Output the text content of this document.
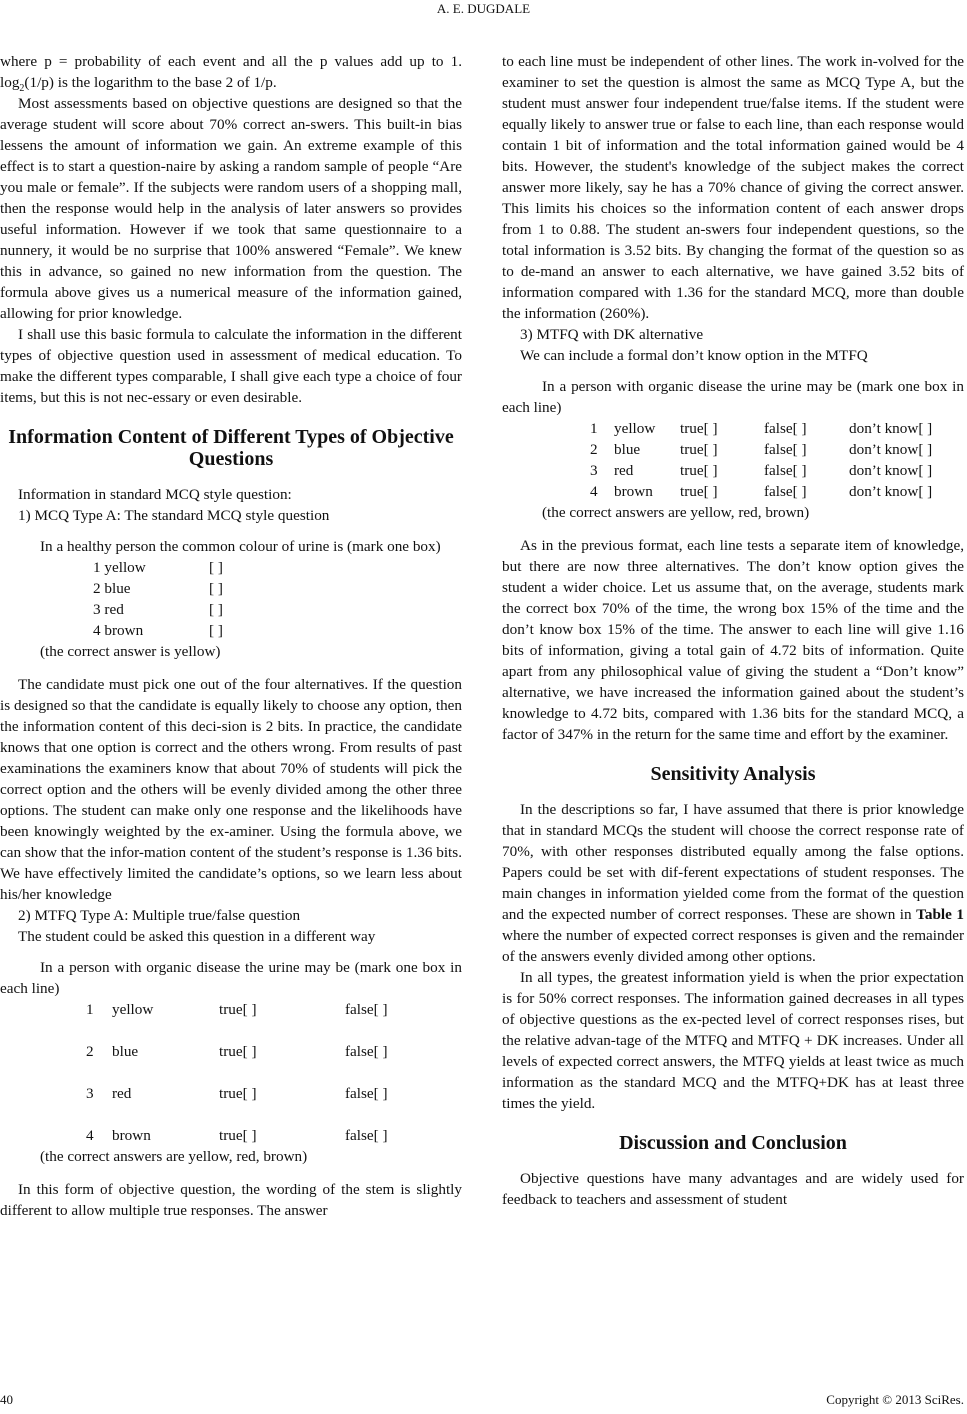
A. E. DUGDALE

where p = probability of each event and all the p values add up to 1. $\log_2(1/p)$ is the logarithm to the base 2 of 1/p.

Most assessments based on objective questions are designed so that the average student will score about 70% correct an-swers. This built-in bias lessens the amount of information we gain. An extreme example of this effect is to start a question-naire by asking a random sample of people “Are you male or female”. If the subjects were random users of a shopping mall, then the response would help in the analysis of later answers so provides useful information. However if we took that same questionnaire to a nunnery, it would be no surprise that 100% answered “Female”. We knew this in advance, so gained no new information from the question. The formula above gives us a numerical measure of the information gained, allowing for prior knowledge.

I shall use this basic formula to calculate the information in the different types of objective question used in assessment of medical education. To make the different types comparable, I shall give each type a choice of four items, but this is not nec-essary or even desirable.

Information Content of Different Types of Objective Questions

Information in standard MCQ style question:

1) MCQ Type A: The standard MCQ style question

In a healthy person the common colour of urine is (mark one box)

1 yellow	[ ]
2 blue	[ ]
3 red	[ ]
4 brown	[ ]

(the correct answer is yellow)

The candidate must pick one out of the four alternatives. If the question is designed so that the candidate is equally likely to choose any option, then the information content of this deci-sion is 2 bits. In practice, the candidate knows that one option is correct and the others wrong. From results of past examinations the examiners know that about 70% of students will pick the correct option and the others will be evenly divided among the other three options. The student can make only one response and the likelihoods have been knowingly weighted by the ex-aminer. Using the formula above, we can show that the infor-mation content of the student’s response is 1.36 bits. We have effectively limited the candidate’s options, so we learn less about his/her knowledge

2) MTFQ Type A: Multiple true/false question

The student could be asked this question in a different way

In a person with organic disease the urine may be (mark one box in each line)

1	yellow	true[ ]	false[ ]
2	blue	true[ ]	false[ ]
3	red	true[ ]	false[ ]
4	brown	true[ ]	false[ ]

(the correct answers are yellow, red, brown)

In this form of objective question, the wording of the stem is slightly different to allow multiple true responses. The answer

to each line must be independent of other lines. The work in-volved for the examiner to set the question is almost the same as MCQ Type A, but the student must answer four independent true/false items. If the student were equally likely to answer true or false to each line, than each response would contain 1 bit of information and the total information gained would be 4 bits. However, the student's knowledge of the subject makes the correct answer more likely, say he has a 70% chance of giving the correct answer. This limits his choices so the information content of each answer drops from 1 to 0.88. The student an-swers four independent questions, so the total information is 3.52 bits. By changing the format of the question so as to de-mand an answer to each alternative, we have gained 3.52 bits of information compared with 1.36 for the standard MCQ, more than double the information (260%).

3) MTFQ with DK alternative

We can include a formal don’t know option in the MTFQ

In a person with organic disease the urine may be (mark one box in each line)

1	yellow	true[ ]	false[ ]	don’t know[ ]
2	blue	true[ ]	false[ ]	don’t know[ ]
3	red	true[ ]	false[ ]	don’t know[ ]
4	brown	true[ ]	false[ ]	don’t know[ ]

(the correct answers are yellow, red, brown)

As in the previous format, each line tests a separate item of knowledge, but there are now three alternatives. The don’t know option gives the student a wider choice. Let us assume that, on the average, students mark the correct box 70% of the time, the wrong box 15% of the time and the don’t know box 15% of the time. The answer to each line will give 1.16 bits of information, giving a total gain of 4.72 bits of information. Quite apart from any philosophical value of giving the student a “Don’t know” alternative, we have increased the information gained about the student’s knowledge to 4.72 bits, compared with 1.36 bits for the standard MCQ, a factor of 347% in the return for the same time and effort by the examiner.

Sensitivity Analysis

In the descriptions so far, I have assumed that there is prior knowledge that in standard MCQs the student will choose the correct response rate of 70%, with other responses distributed equally among the false options. Papers could be set with dif-ferent expectations of student responses. The main changes in information yielded come from the format of the question and the expected number of correct responses. These are shown in Table 1 where the number of expected correct responses is given and the remainder of the answers evenly divided among other options.

In all types, the greatest information yield is when the prior expectation is for 50% correct responses. The information gained decreases in all types of objective questions as the ex-pected level of correct responses rises, but the relative advan-tage of the MTFQ and MTFQ + DK increases. Under all levels of expected correct answers, the MTFQ yields at least twice as much information as the standard MCQ and the MTFQ+DK has at least three times the yield.

Discussion and Conclusion

Objective questions have many advantages and are widely used for feedback to teachers and assessment of student

40	Copyright © 2013 SciRes.
